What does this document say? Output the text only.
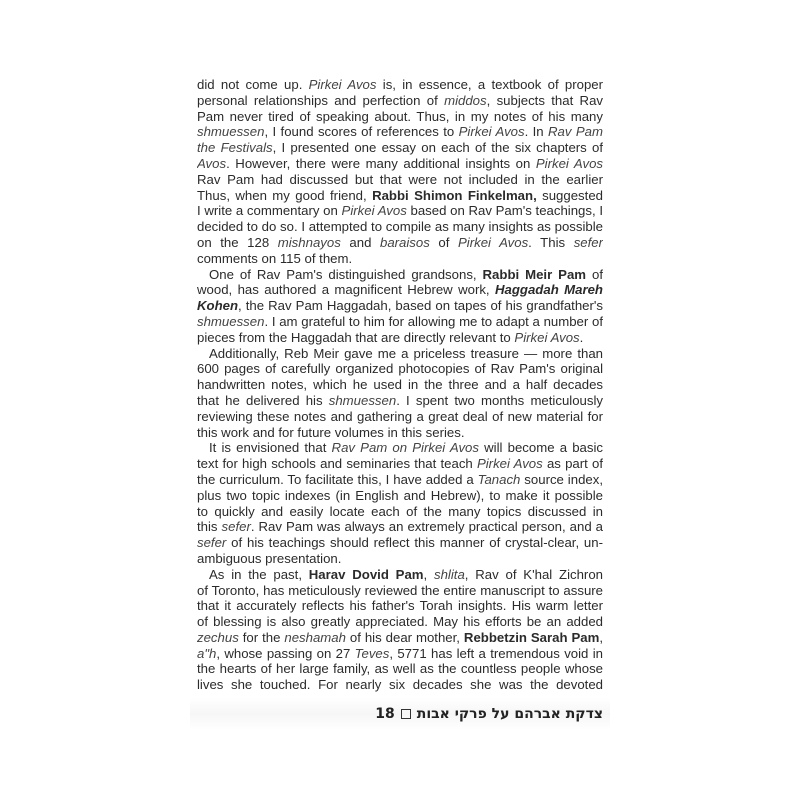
did not come up. Pirkei Avos is, in essence, a textbook of proper
personal relationships and perfection of middos, subjects that Rav
Pam never tired of speaking about. Thus, in my notes of his many
shmuessen, I found scores of references to Pirkei Avos. In Rav Pam
the Festivals, I presented one essay on each of the six chapters of
Avos. However, there were many additional insights on Pirkei Avos
Rav Pam had discussed but that were not included in the earlier
Thus, when my good friend, Rabbi Shimon Finkelman, suggested
I write a commentary on Pirkei Avos based on Rav Pam's teachings, I
decided to do so. I attempted to compile as many insights as possible
on the 128 mishnayos and baraisos of Pirkei Avos. This sefer
comments on 115 of them.
One of Rav Pam's distinguished grandsons, Rabbi Meir Pam of
wood, has authored a magnificent Hebrew work, Haggadah Mareh
Kohen, the Rav Pam Haggadah, based on tapes of his grandfather's
shmuessen. I am grateful to him for allowing me to adapt a number of
pieces from the Haggadah that are directly relevant to Pirkei Avos.
Additionally, Reb Meir gave me a priceless treasure — more than
600 pages of carefully organized photocopies of Rav Pam's original
handwritten notes, which he used in the three and a half decades
that he delivered his shmuessen. I spent two months meticulously
reviewing these notes and gathering a great deal of new material for
this work and for future volumes in this series.
It is envisioned that Rav Pam on Pirkei Avos will become a basic
text for high schools and seminaries that teach Pirkei Avos as part of
the curriculum. To facilitate this, I have added a Tanach source index,
plus two topic indexes (in English and Hebrew), to make it possible
to quickly and easily locate each of the many topics discussed in
this sefer. Rav Pam was always an extremely practical person, and a
sefer of his teachings should reflect this manner of crystal-clear, un-
ambiguous presentation.
As in the past, Harav Dovid Pam, shlita, Rav of K'hal Zichron
of Toronto, has meticulously reviewed the entire manuscript to assure
that it accurately reflects his father's Torah insights. His warm letter
of blessing is also greatly appreciated. May his efforts be an added
zechus for the neshamah of his dear mother, Rebbetzin Sarah Pam,
a"h, whose passing on 27 Teves, 5771 has left a tremendous void in
the hearts of her large family, as well as the countless people whose
lives she touched. For nearly six decades she was the devoted
18 צדקת אברהם על פרקי אבות
